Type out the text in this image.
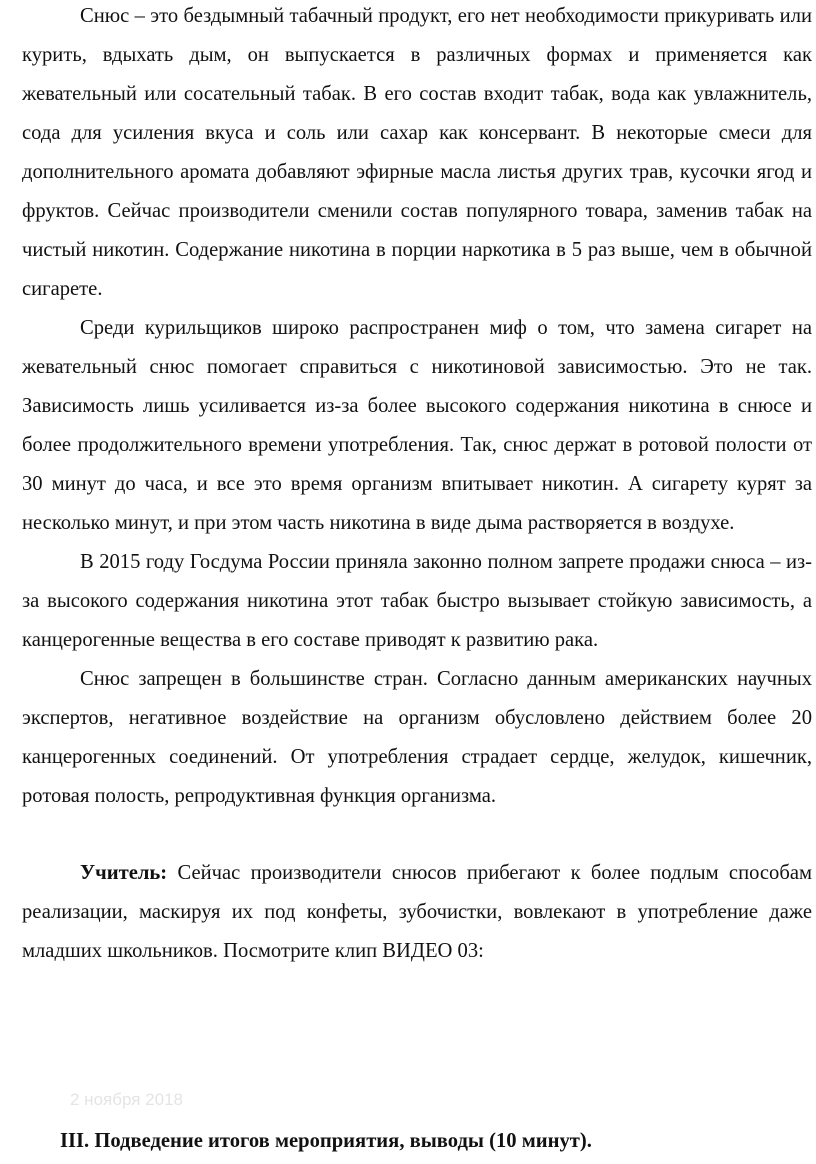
Снюс – это бездымный табачный продукт, его нет необходимости прикуривать или курить, вдыхать дым, он выпускается в различных формах и применяется как жевательный или сосательный табак. В его состав входит табак, вода как увлажнитель, сода для усиления вкуса и соль или сахар как консервант. В некоторые смеси для дополнительного аромата добавляют эфирные масла листья других трав, кусочки ягод и фруктов. Сейчас производители сменили состав популярного товара, заменив табак на чистый никотин. Содержание никотина в порции наркотика в 5 раз выше, чем в обычной сигарете.

Среди курильщиков широко распространен миф о том, что замена сигарет на жевательный снюс помогает справиться с никотиновой зависимостью. Это не так. Зависимость лишь усиливается из-за более высокого содержания никотина в снюсе и более продолжительного времени употребления. Так, снюс держат в ротовой полости от 30 минут до часа, и все это время организм впитывает никотин. А сигарету курят за несколько минут, и при этом часть никотина в виде дыма растворяется в воздухе.

В 2015 году Госдума России приняла законно полном запрете продажи снюса – из-за высокого содержания никотина этот табак быстро вызывает стойкую зависимость, а канцерогенные вещества в его составе приводят к развитию рака.

Снюс запрещен в большинстве стран. Согласно данным американских научных экспертов, негативное воздействие на организм обусловлено действием более 20 канцерогенных соединений. От употребления страдает сердце, желудок, кишечник, ротовая полость, репродуктивная функция организма.

Учитель: Сейчас производители снюсов прибегают к более подлым способам реализации, маскируя их под конфеты, зубочистки, вовлекают в употребление даже младших школьников. Посмотрите клип ВИДЕО 03:

2 ноября 2018

III. Подведение итогов мероприятия, выводы (10 минут).
